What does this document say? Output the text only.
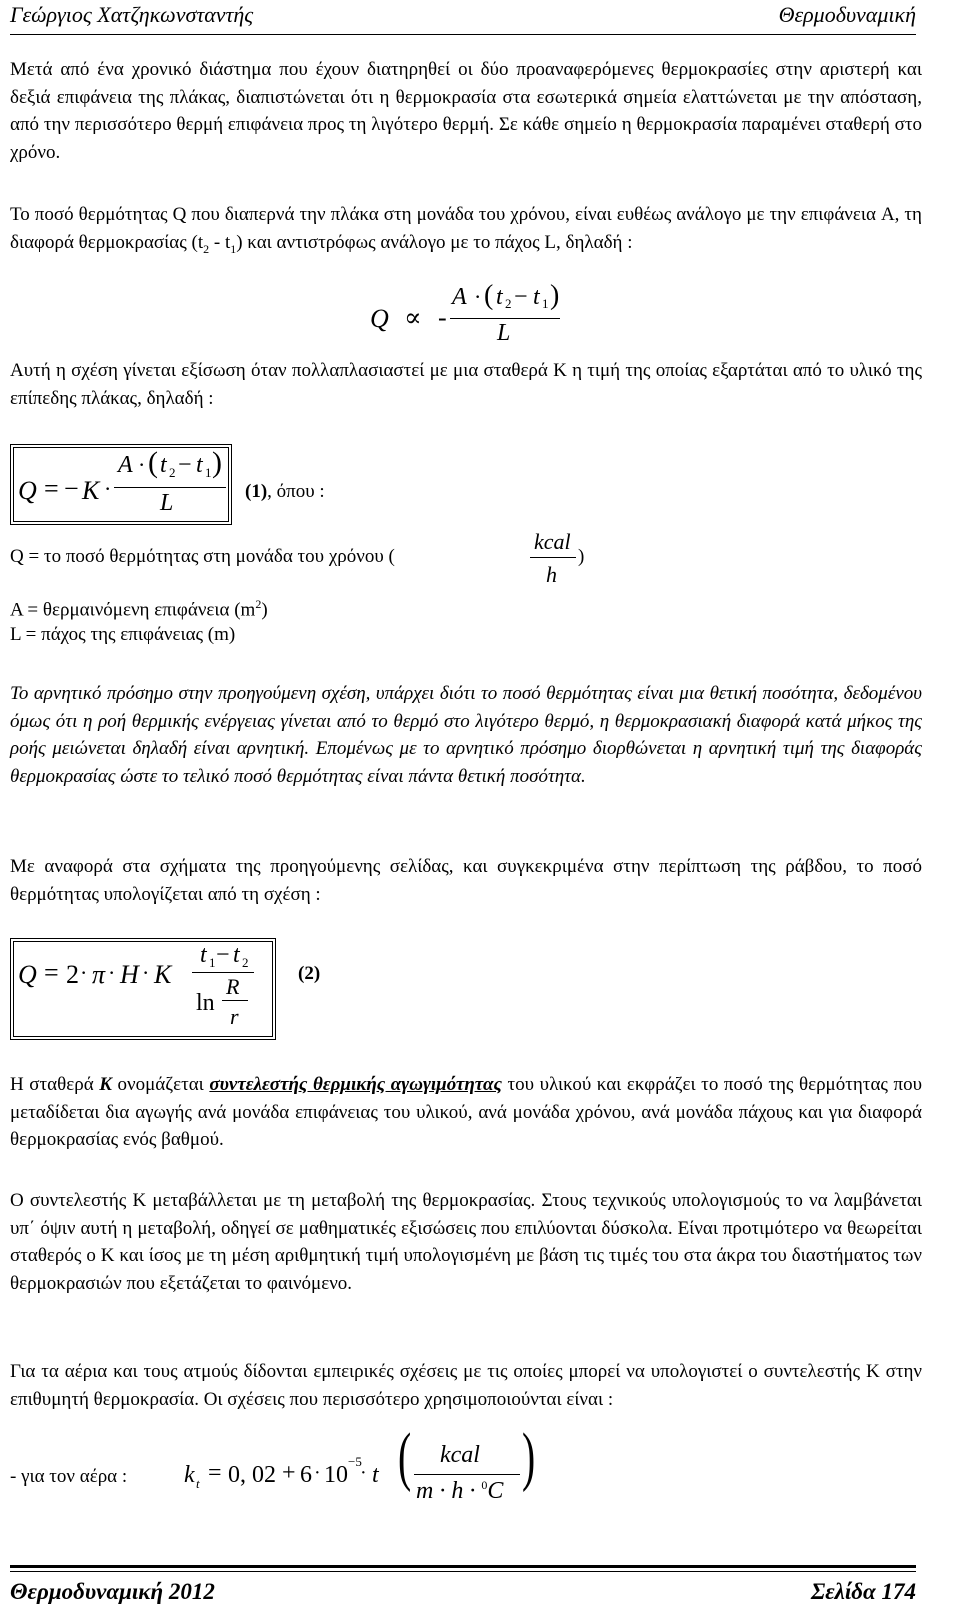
Γεώργιος Χατζηκωνσταντής	Θερμοδυναμική
Μετά από ένα χρονικό διάστημα που έχουν διατηρηθεί οι δύο προαναφερόμενες θερμοκρασίες στην αριστερή και δεξιά επιφάνεια της πλάκας, διαπιστώνεται ότι η θερμοκρασία στα εσωτερικά σημεία ελαττώνεται με την απόσταση, από την περισσότερο θερμή επιφάνεια προς τη λιγότερο θερμή. Σε κάθε σημείο η θερμοκρασία παραμένει σταθερή στο χρόνο.
Το ποσό θερμότητας Q που διαπερνά την πλάκα στη μονάδα του χρόνου, είναι ευθέως ανάλογο με την επιφάνεια A, τη διαφορά θερμοκρασίας $(t_2 - t_1)$ και αντιστρόφως ανάλογο με το πάχος L, δηλαδή :
Q ∝ -
A · ( t 2 − t 1 )
L
Αυτή η σχέση γίνεται εξίσωση όταν πολλαπλασιαστεί με μια σταθερά K η τιμή της οποίας εξαρτάται από το υλικό της επίπεδης πλάκας, δηλαδή :
Q = − K ·
A · ( t 2 − t 1 )
L	(1), όπου :
Q = το ποσό θερμότητας στη μονάδα του χρόνου (
kcal
h
)
A = θερμαινόμενη επιφάνεια $(m^2)$
L = πάχος της επιφάνειας (m)
Το αρνητικό πρόσημο στην προηγούμενη σχέση, υπάρχει διότι το ποσό θερμότητας είναι μια θετική ποσότητα, δεδομένου όμως ότι η ροή θερμικής ενέργειας γίνεται από το θερμό στο λιγότερο θερμό, η θερμοκρασιακή διαφορά κατά μήκος της ροής μειώνεται δηλαδή είναι αρνητική. Επομένως με το αρνητικό πρόσημο διορθώνεται η αρνητική τιμή της διαφοράς θερμοκρασίας ώστε το τελικό ποσό θερμότητας είναι πάντα θετική ποσότητα.
Με αναφορά στα σχήματα της προηγούμενης σελίδας, και συγκεκριμένα στην περίπτωση της ράβδου, το ποσό θερμότητας υπολογίζεται από τη σχέση :
Q = 2 · π · H · K
t 1 − t 2
ln
R
r
(2)
Η σταθερά K ονομάζεται συντελεστής θερμικής αγωγιμότητας του υλικού και εκφράζει το ποσό της θερμότητας που μεταδίδεται δια αγωγής ανά μονάδα επιφάνειας του υλικού, ανά μονάδα χρόνου, ανά μονάδα πάχους και για διαφορά θερμοκρασίας ενός βαθμού.
Ο συντελεστής K μεταβάλλεται με τη μεταβολή της θερμοκρασίας. Στους τεχνικούς υπολογισμούς το να λαμβάνεται υπ΄ όψιν αυτή η μεταβολή, οδηγεί σε μαθηματικές εξισώσεις που επιλύονται δύσκολα. Είναι προτιμότερο να θεωρείται σταθερός ο K και ίσος με τη μέση αριθμητική τιμή υπολογισμένη με βάση τις τιμές του στα άκρα του διαστήματος των θερμοκρασιών που εξετάζεται το φαινόμενο.
Για τα αέρια και τους ατμούς δίδονται εμπειρικές σχέσεις με τις οποίες μπορεί να υπολογιστεί ο συντελεστής K στην επιθυμητή θερμοκρασία. Οι σχέσεις που περισσότερο χρησιμοποιούνται είναι :
- για τον αέρα : k t = 0, 02 + 6 · 10
−5
· t ( kcal
m · h · $^0$C )
Θερμοδυναμική 2012	Σελίδα 174
